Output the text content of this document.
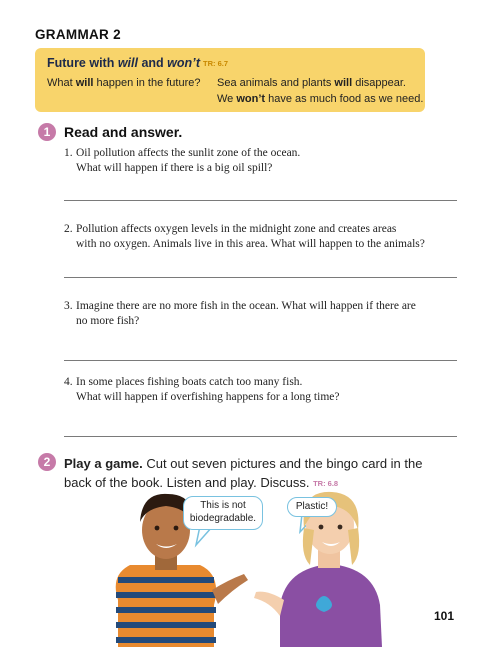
GRAMMAR 2
Future with will and won’t TR: 6.7
What will happen in the future? Sea animals and plants will disappear.
We won’t have as much food as we need.
1 Read and answer.
1. Oil pollution affects the sunlit zone of the ocean.
What will happen if there is a big oil spill?
2. Pollution affects oxygen levels in the midnight zone and creates areas
with no oxygen. Animals live in this area. What will happen to the animals?
3. Imagine there are no more fish in the ocean. What will happen if there are
no more fish?
4. In some places fishing boats catch too many fish.
What will happen if overfishing happens for a long time?
2	Play a game. Cut out seven pictures and the bingo card in the back of the book. Listen and play. Discuss. TR: 6.8
This is not biodegradable.
Plastic!
101
